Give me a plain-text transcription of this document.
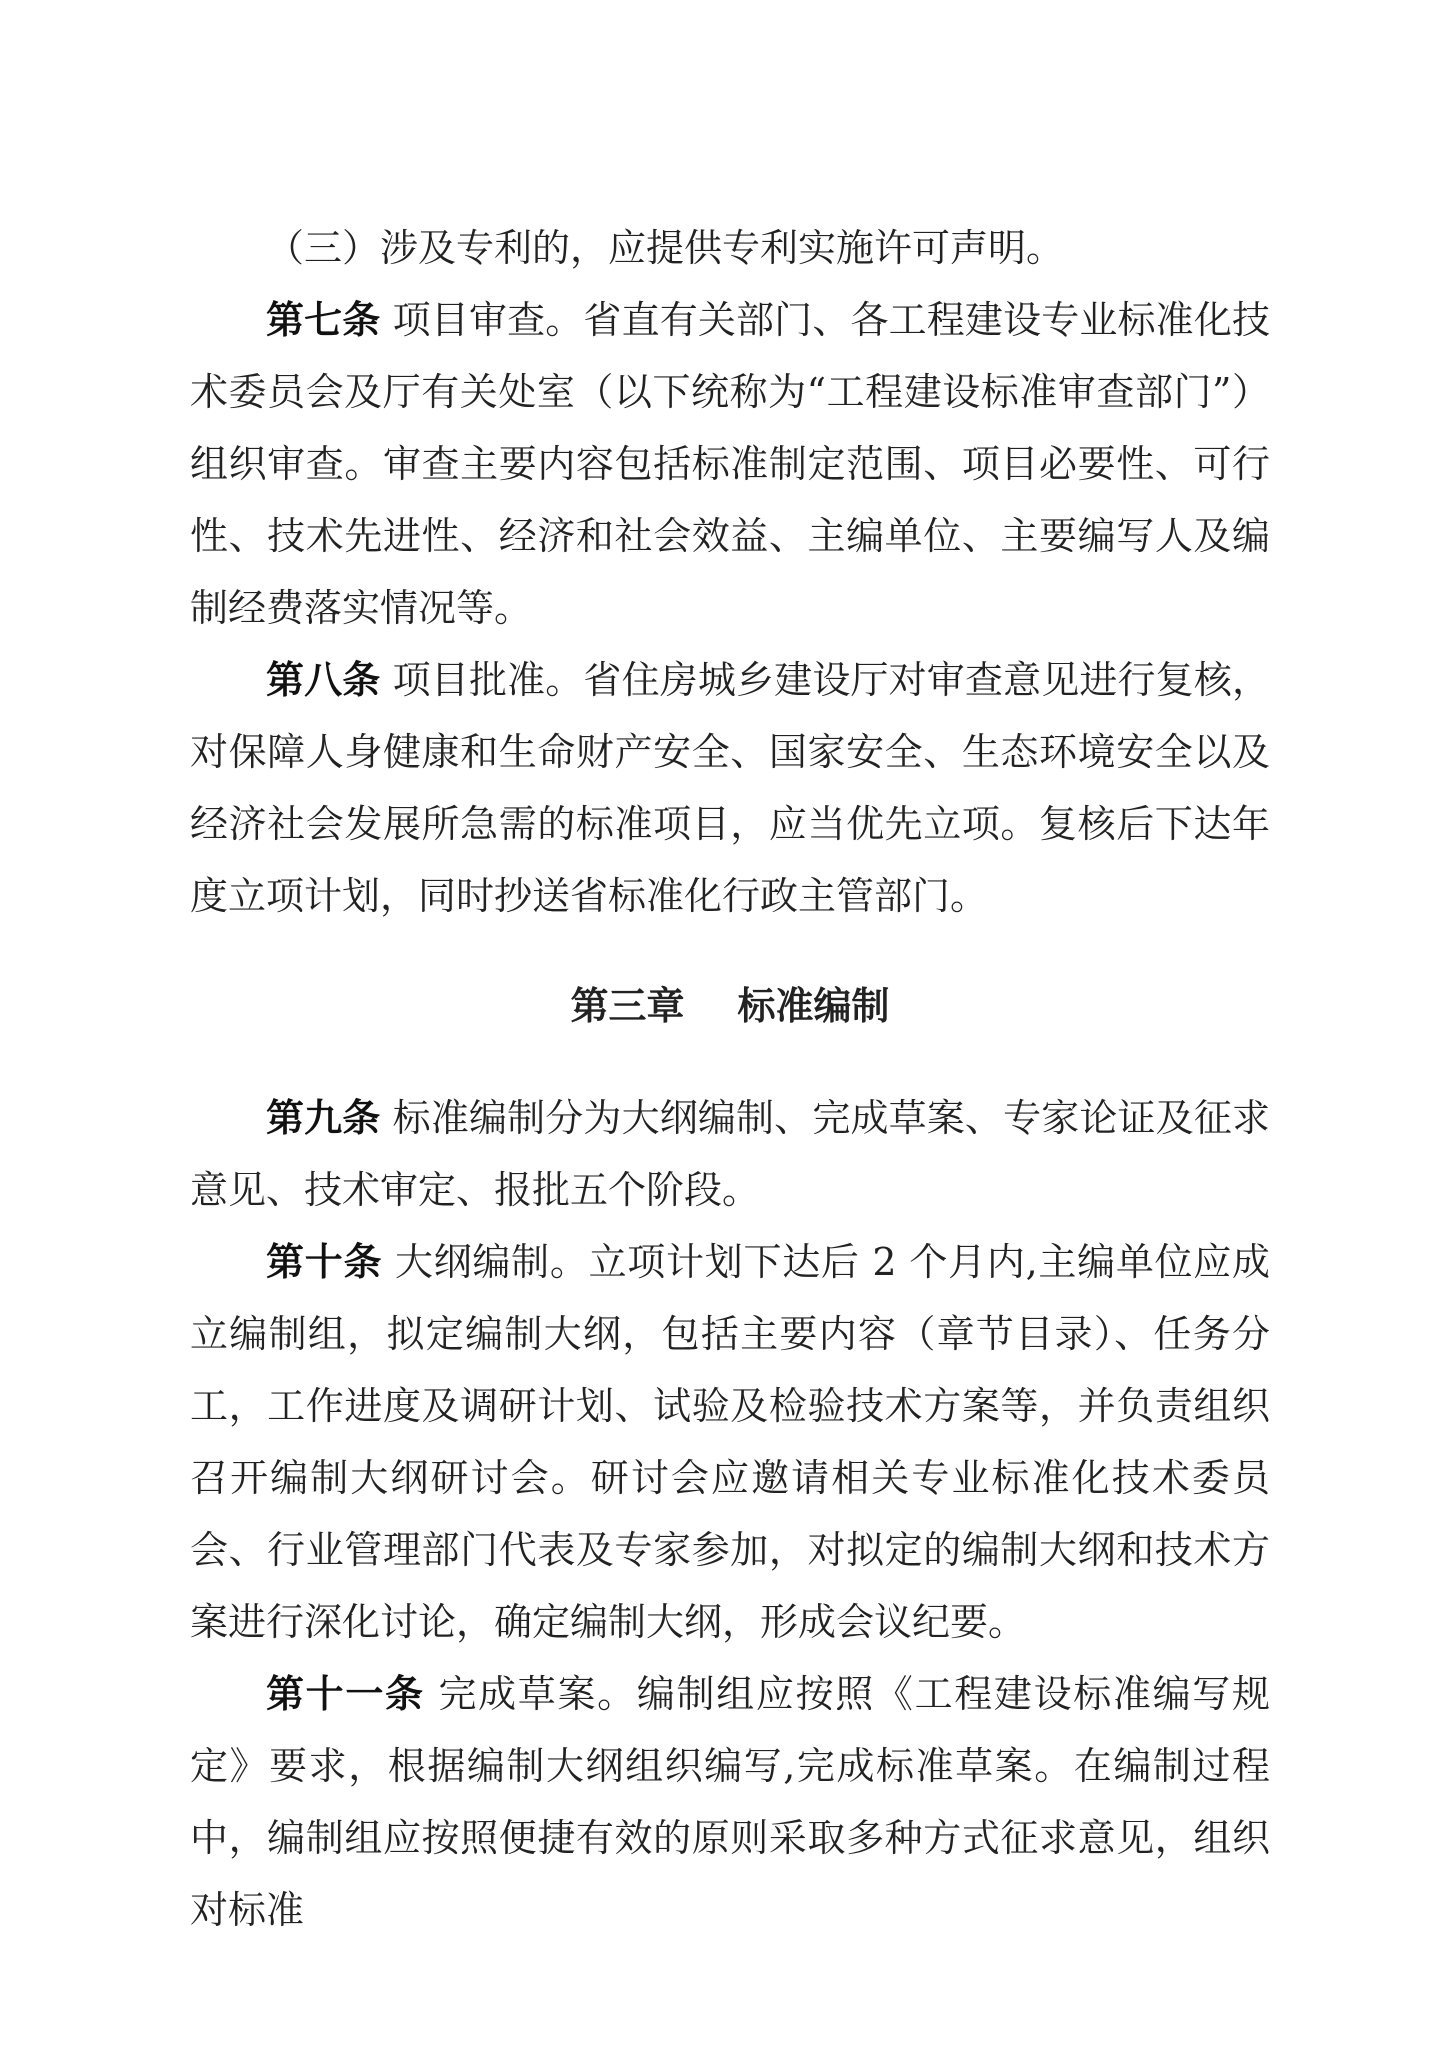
（三）涉及专利的，应提供专利实施许可声明。

第七条 项目审查。省直有关部门、各工程建设专业标准化技术委员会及厅有关处室（以下统称为“工程建设标准审查部门”）组织审查。审查主要内容包括标准制定范围、项目必要性、可行性、技术先进性、经济和社会效益、主编单位、主要编写人及编制经费落实情况等。

第八条 项目批准。省住房城乡建设厅对审查意见进行复核，对保障人身健康和生命财产安全、国家安全、生态环境安全以及经济社会发展所急需的标准项目，应当优先立项。复核后下达年度立项计划，同时抄送省标准化行政主管部门。

第三章    标准编制

第九条 标准编制分为大纲编制、完成草案、专家论证及征求意见、技术审定、报批五个阶段。

第十条 大纲编制。立项计划下达后 2 个月内,主编单位应成立编制组，拟定编制大纲，包括主要内容（章节目录）、任务分工，工作进度及调研计划、试验及检验技术方案等，并负责组织召开编制大纲研讨会。研讨会应邀请相关专业标准化技术委员会、行业管理部门代表及专家参加，对拟定的编制大纲和技术方案进行深化讨论，确定编制大纲，形成会议纪要。

第十一条 完成草案。编制组应按照《工程建设标准编写规定》要求，根据编制大纲组织编写,完成标准草案。在编制过程中，编制组应按照便捷有效的原则采取多种方式征求意见，组织对标准
